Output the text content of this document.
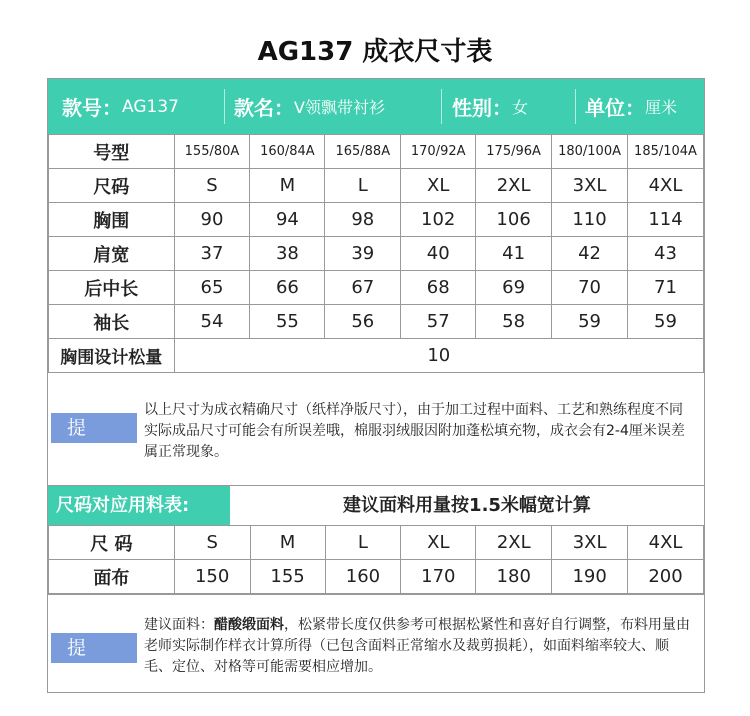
AG137 成衣尺寸表
款号： AG137	款名： V领飘带衬衫	性别： 女	单位： 厘米
号型	155/80A	160/84A	165/88A	170/92A	175/96A	180/100A	185/104A
尺码	S	M	L	XL	2XL	3XL	4XL
胸围	90	94	98	102	106	110	114
肩宽	37	38	39	40	41	42	43
后中长	65	66	67	68	69	70	71
袖长	54	55	56	57	58	59	59
胸围设计松量	10						
提 醒：
以上尺寸为成衣精确尺寸（纸样净版尺寸），由于加工过程中面料、工艺和熟练程度不同实际成品尺寸可能会有所误差哦，棉服羽绒服因附加蓬松填充物，成衣会有2-4厘米误差属正常现象。
尺码对应用料表:	建议面料用量按1.5米幅宽计算
尺 码	S	M	L	XL	2XL	3XL	4XL
面布	150	155	160	170	180	190	200
提 醒：
建议面料：醋酸缎面料，松紧带长度仅供参考可根据松紧性和喜好自行调整，布料用量由老师实际制作样衣计算所得（已包含面料正常缩水及裁剪损耗），如面料缩率较大、顺毛、定位、对格等可能需要相应增加。
